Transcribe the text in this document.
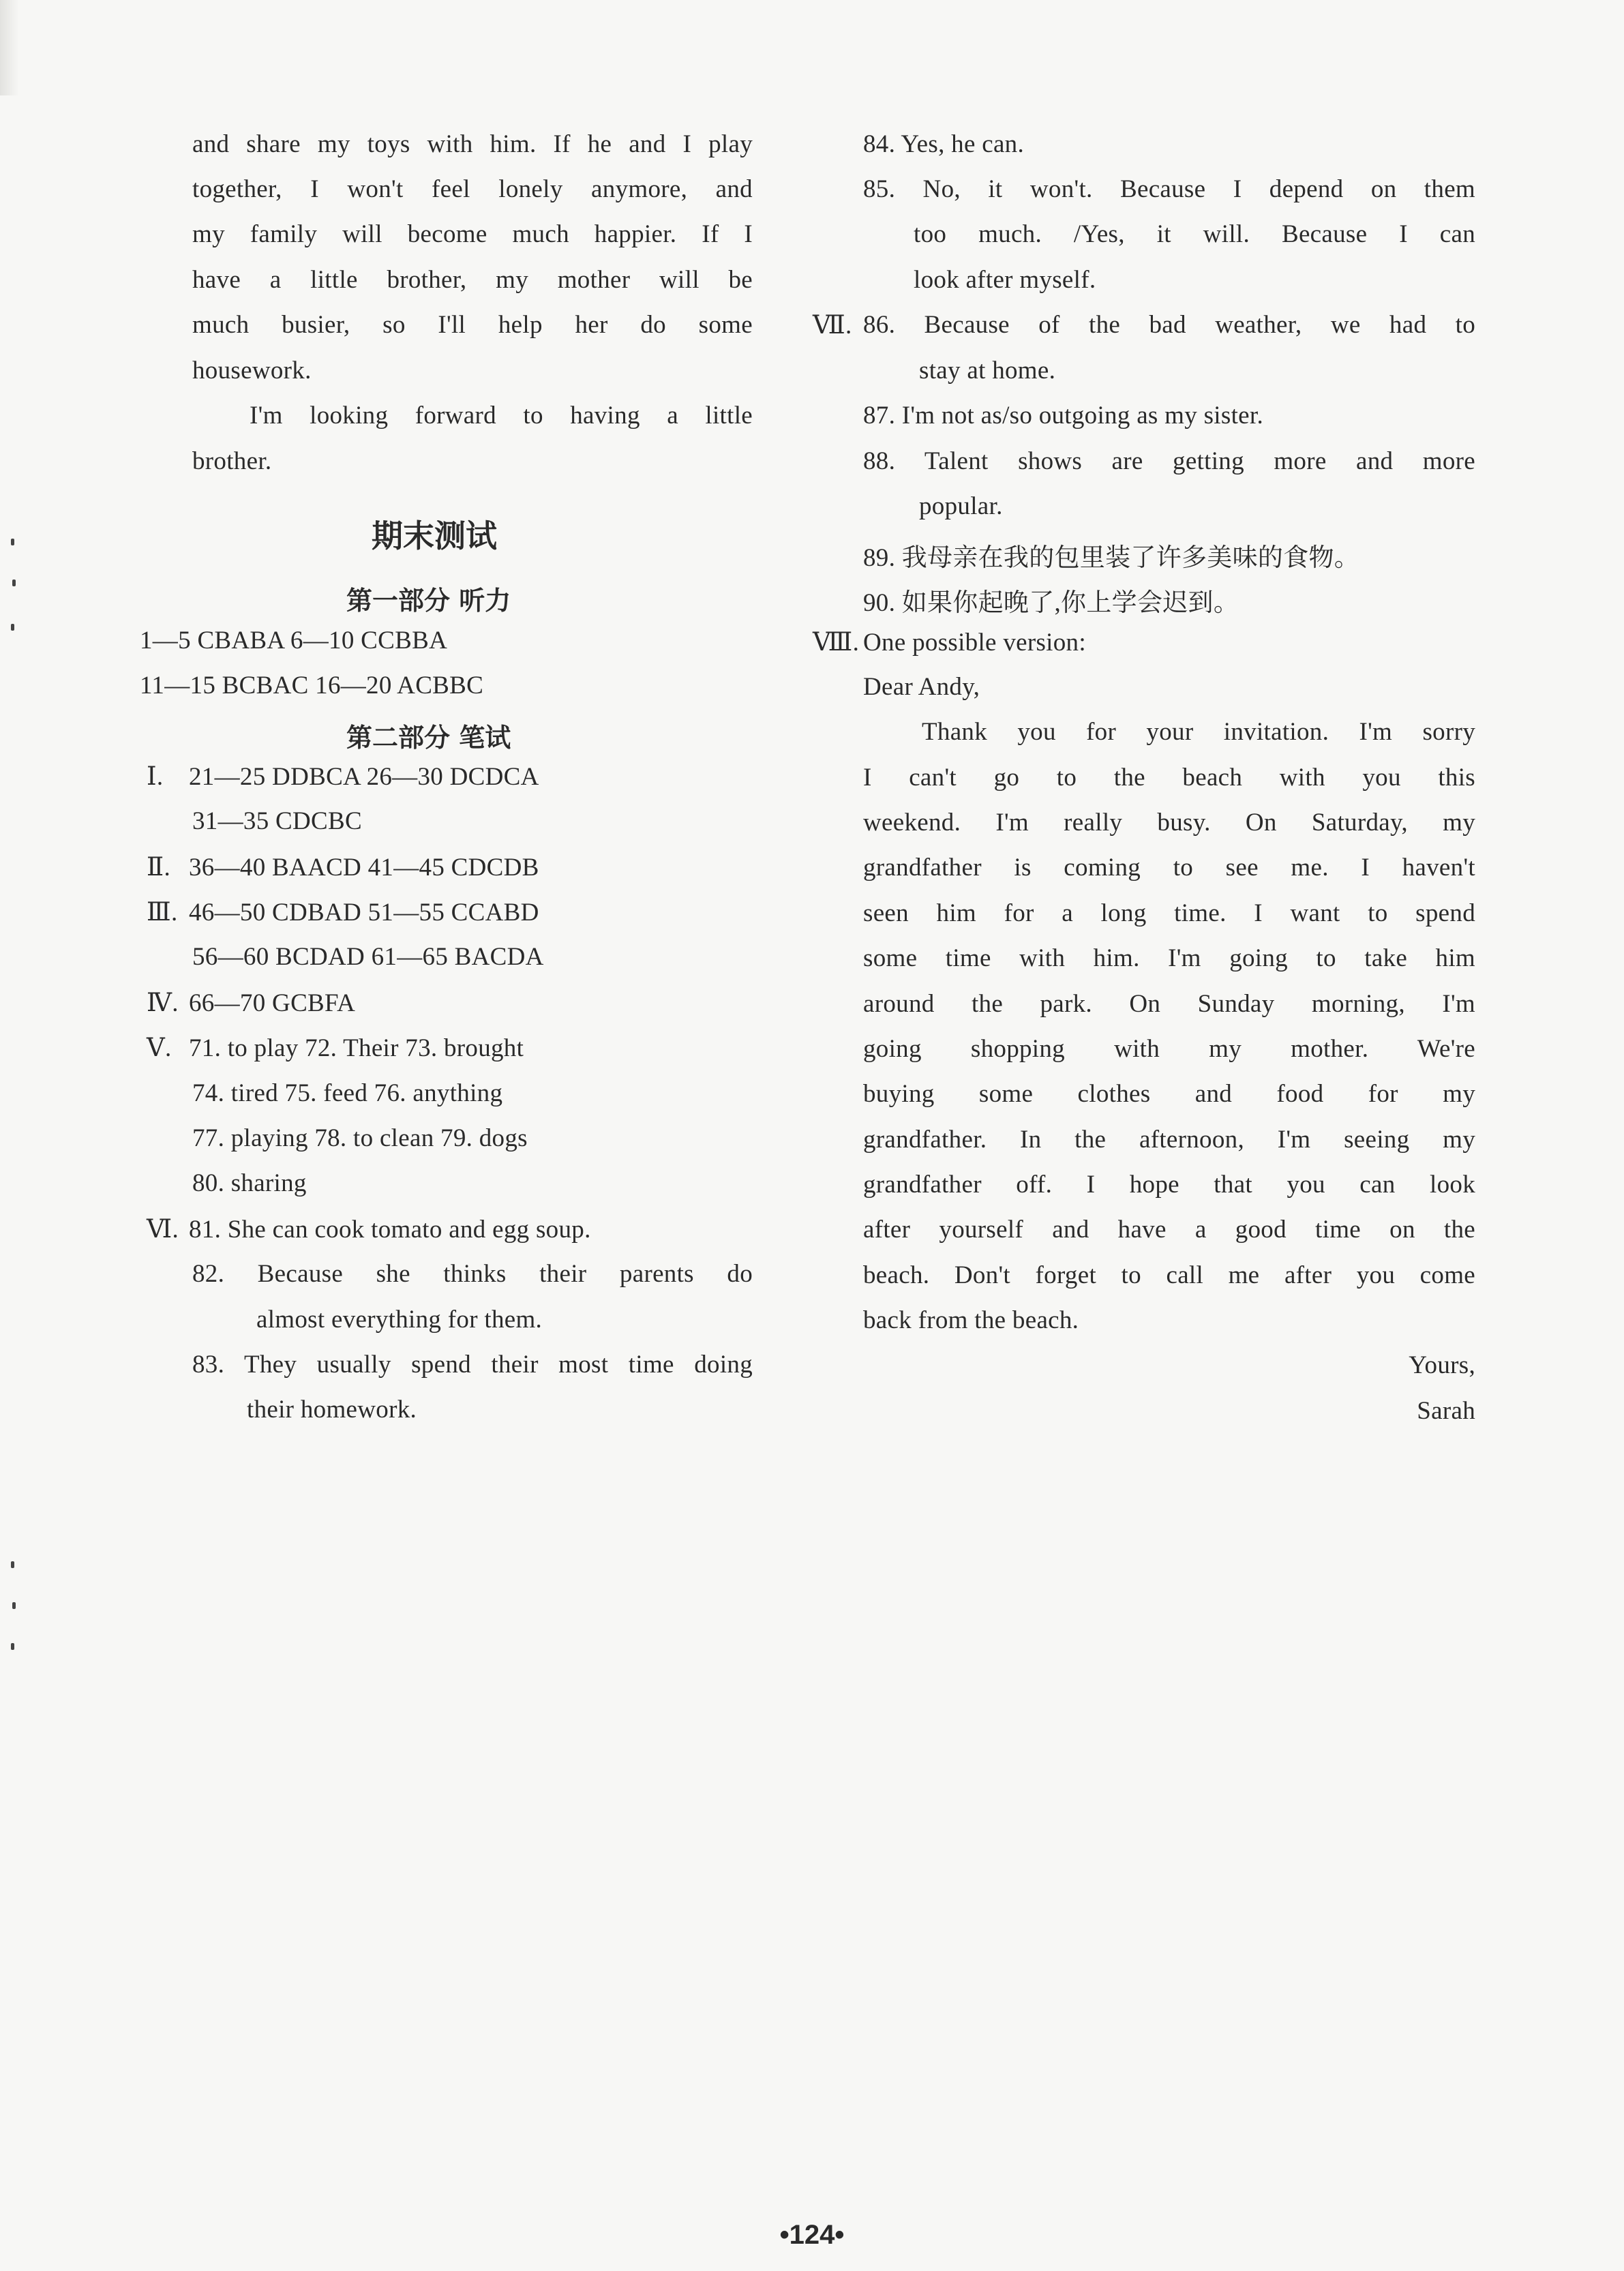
and share my toys with him. If he and I play
together, I won't feel lonely anymore, and
my family will become much happier. If I
have a little brother, my mother will be
much busier, so I'll help her do some
housework.
I'm looking forward to having a little
brother.
期末测试
第一部分 听力
1—5 CBABA 6—10 CCBBA
11—15 BCBAC 16—20 ACBBC
第二部分 笔试
Ⅰ. 21—25 DDBCA 26—30 DCDCA
31—35 CDCBC
Ⅱ. 36—40 BAACD 41—45 CDCDB
Ⅲ. 46—50 CDBAD 51—55 CCABD
56—60 BCDAD 61—65 BACDA
Ⅳ. 66—70 GCBFA
Ⅴ. 71. to play 72. Their 73. brought
74. tired 75. feed 76. anything
77. playing 78. to clean 79. dogs
80. sharing
Ⅵ. 81. She can cook tomato and egg soup.
82. Because she thinks their parents do
almost everything for them.
83. They usually spend their most time doing
their homework.
84. Yes, he can.
85. No, it won't. Because I depend on them
too much. /Yes, it will. Because I can
look after myself.
Ⅶ. 86. Because of the bad weather, we had to
stay at home.
87. I'm not as/so outgoing as my sister.
88. Talent shows are getting more and more
popular.
89. 我母亲在我的包里装了许多美味的食物。
90. 如果你起晚了,你上学会迟到。
Ⅷ. One possible version:
Dear Andy,
Thank you for your invitation. I'm sorry
I can't go to the beach with you this
weekend. I'm really busy. On Saturday, my
grandfather is coming to see me. I haven't
seen him for a long time. I want to spend
some time with him. I'm going to take him
around the park. On Sunday morning, I'm
going shopping with my mother. We're
buying some clothes and food for my
grandfather. In the afternoon, I'm seeing my
grandfather off. I hope that you can look
after yourself and have a good time on the
beach. Don't forget to call me after you come
back from the beach.
Yours,
Sarah
•124•
